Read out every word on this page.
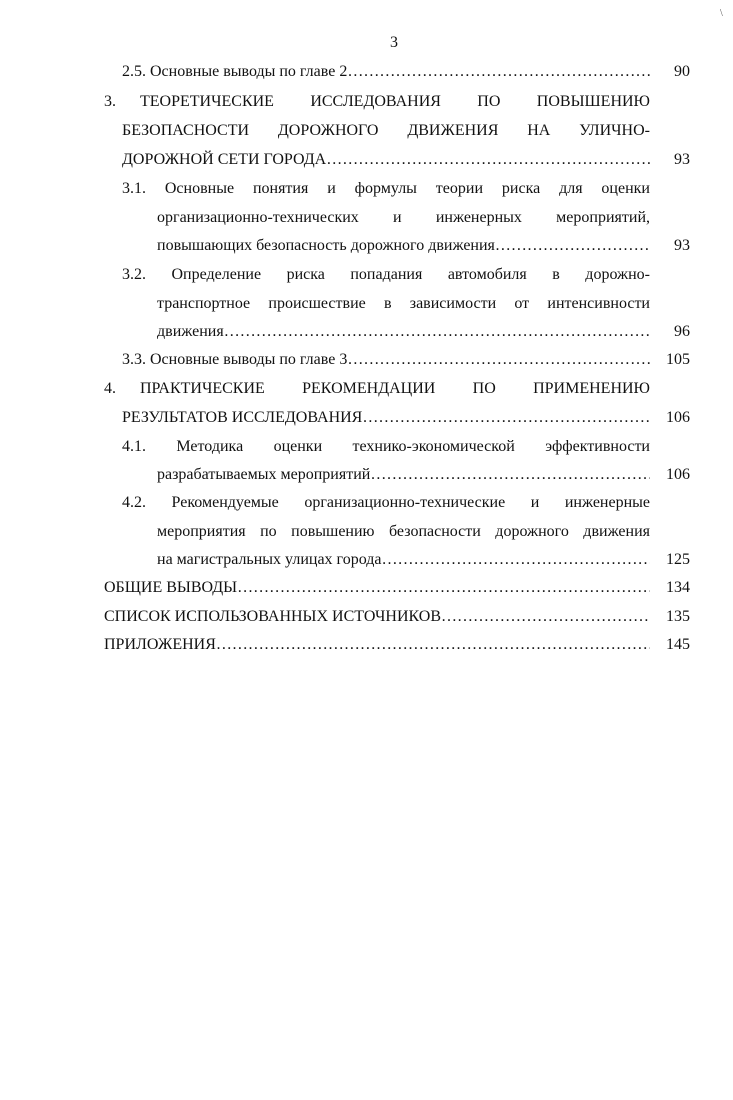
3
\
2.5. Основные выводы по главе 2 ……………………………………………………………………………………………………………………………………………………………………………………	90
3. ТЕОРЕТИЧЕСКИЕ ИССЛЕДОВАНИЯ ПО ПОВЫШЕНИЮ
БЕЗОПАСНОСТИ ДОРОЖНОГО ДВИЖЕНИЯ НА УЛИЧНО-
ДОРОЖНОЙ СЕТИ ГОРОДА ……………………………………………………………………………………………………………………………………………………………………………………	93
3.1. Основные понятия и формулы теории риска для оценки
организационно-технических и инженерных мероприятий,
повышающих безопасность дорожного движения ……………………………………………………………………………………………………………………………………………………………………………………	93
3.2. Определение риска попадания автомобиля в дорожно-
транспортное происшествие в зависимости от интенсивности
движения ……………………………………………………………………………………………………………………………………………………………………………………	96
3.3. Основные выводы по главе 3 ……………………………………………………………………………………………………………………………………………………………………………………	105
4. ПРАКТИЧЕСКИЕ РЕКОМЕНДАЦИИ ПО ПРИМЕНЕНИЮ
РЕЗУЛЬТАТОВ ИССЛЕДОВАНИЯ ……………………………………………………………………………………………………………………………………………………………………………………	106
4.1. Методика оценки технико-экономической эффективности
разрабатываемых мероприятий ……………………………………………………………………………………………………………………………………………………………………………………	106
4.2. Рекомендуемые организационно-технические и инженерные
мероприятия по повышению безопасности дорожного движения
на магистральных улицах города ……………………………………………………………………………………………………………………………………………………………………………………	125
ОБЩИЕ ВЫВОДЫ ……………………………………………………………………………………………………………………………………………………………………………………	134
СПИСОК ИСПОЛЬЗОВАННЫХ ИСТОЧНИКОВ ……………………………………………………………………………………………………………………………………………………………………………………	135
ПРИЛОЖЕНИЯ ……………………………………………………………………………………………………………………………………………………………………………………	145
